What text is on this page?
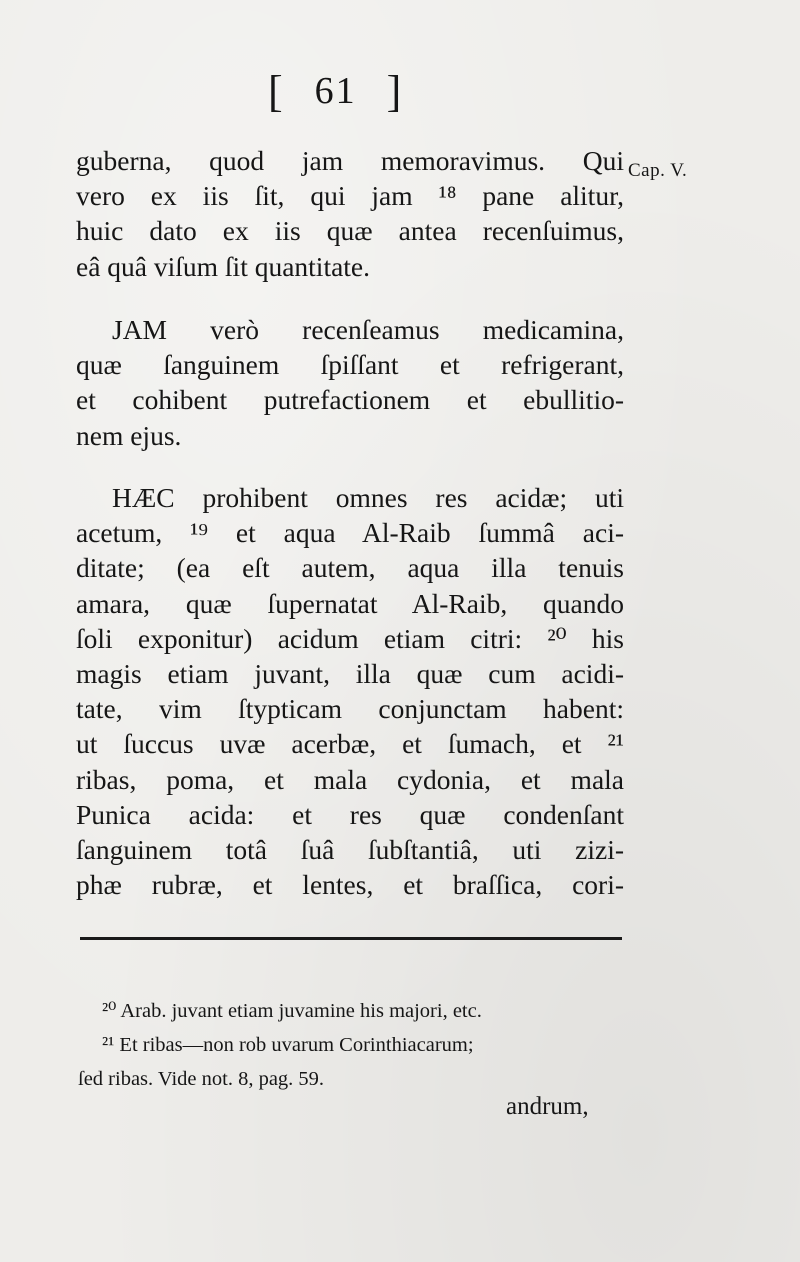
[ 61 ]
Cap. V.
guberna, quod jam memoravimus. Qui
vero ex iis ſit, qui jam ¹⁸ pane alitur,
huic dato ex iis quæ antea recenſuimus,
eâ quâ viſum ſit quantitate.
JAM verò recenſeamus medicamina,
quæ ſanguinem ſpiſſant et refrigerant,
et cohibent putrefactionem et ebullitio-
nem ejus.
HÆC prohibent omnes res acidæ; uti
acetum, ¹⁹ et aqua Al-Raib ſummâ aci-
ditate; (ea eſt autem, aqua illa tenuis
amara, quæ ſupernatat Al-Raib, quando
ſoli exponitur) acidum etiam citri: ²⁰ his
magis etiam juvant, illa quæ cum acidi-
tate, vim ſtypticam conjunctam habent:
ut ſuccus uvæ acerbæ, et ſumach, et ²¹
ribas, poma, et mala cydonia, et mala
Punica acida: et res quæ condenſant
ſanguinem totâ ſuâ ſubſtantiâ, uti zizi-
phæ rubræ, et lentes, et braſſica, cori-
²⁰ Arab. juvant etiam juvamine his majori, etc.
²¹ Et ribas—non rob uvarum Corinthiacarum;
ſed ribas. Vide not. 8, pag. 59.
andrum,
